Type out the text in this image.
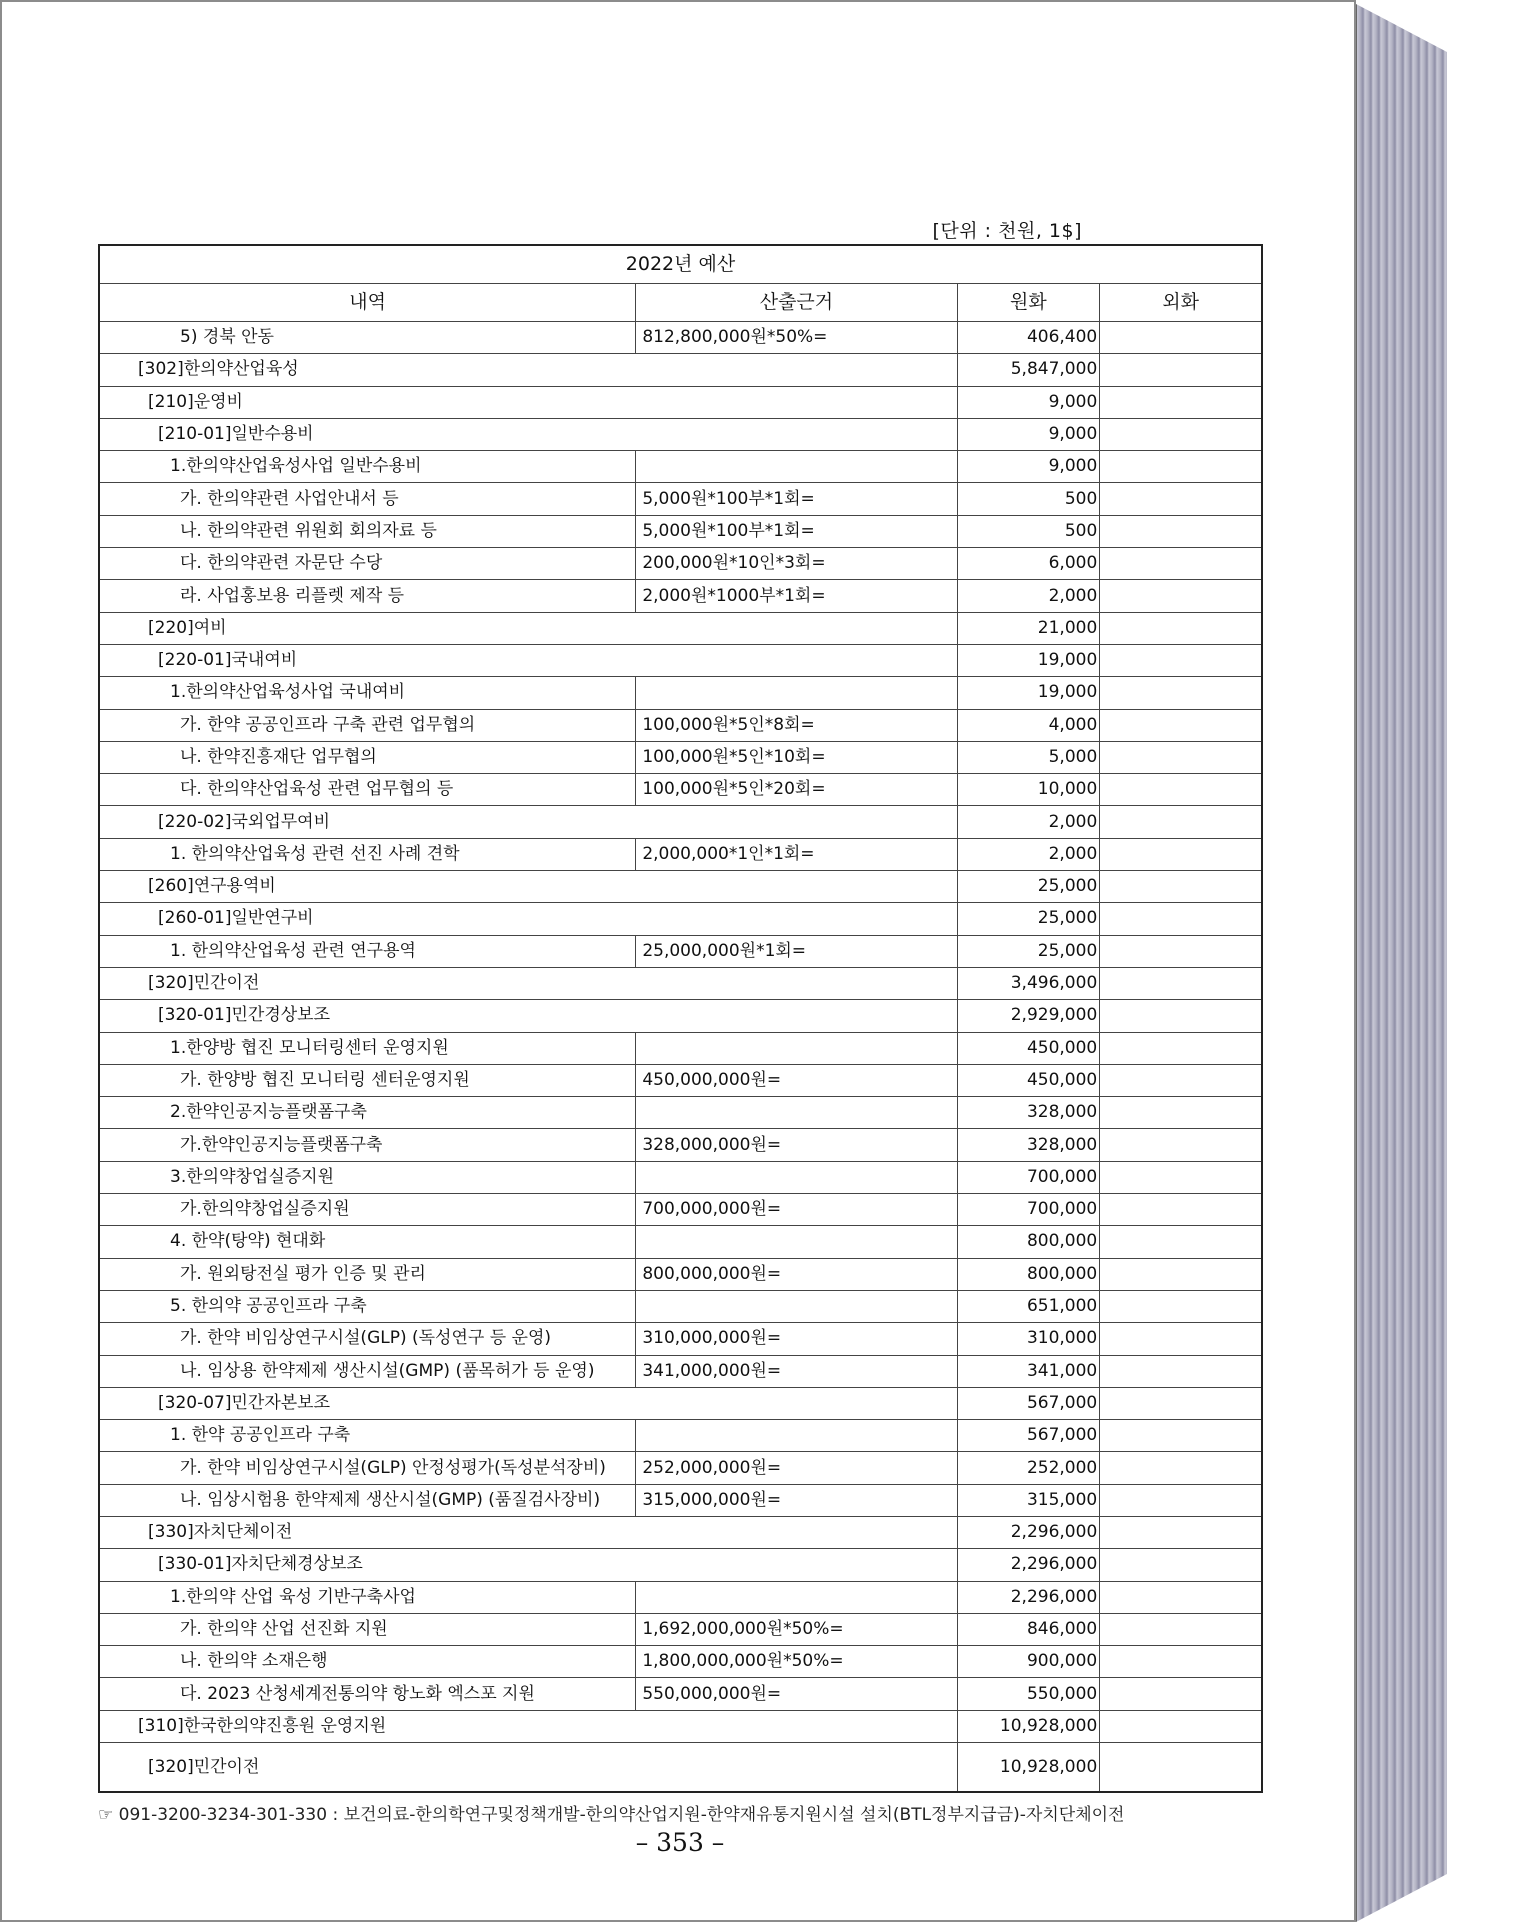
[단위 : 천원, 1$]
2022년 예산			
내역	산출근거	원화	외화
5) 경북 안동	812,800,000원*50%=	406,400	
[302]한의약산업육성		5,847,000	
[210]운영비		9,000	
[210-01]일반수용비		9,000	
1.한의약산업육성사업 일반수용비		9,000	
가. 한의약관련 사업안내서 등	5,000원*100부*1회=	500	
나. 한의약관련 위원회 회의자료 등	5,000원*100부*1회=	500	
다. 한의약관련 자문단 수당	200,000원*10인*3회=	6,000	
라. 사업홍보용 리플렛 제작 등	2,000원*1000부*1회=	2,000	
[220]여비		21,000	
[220-01]국내여비		19,000	
1.한의약산업육성사업 국내여비		19,000	
가. 한약 공공인프라 구축 관련 업무협의	100,000원*5인*8회=	4,000	
나. 한약진흥재단 업무협의	100,000원*5인*10회=	5,000	
다. 한의약산업육성 관련 업무협의 등	100,000원*5인*20회=	10,000	
[220-02]국외업무여비		2,000	
1. 한의약산업육성 관련 선진 사례 견학	2,000,000*1인*1회=	2,000	
[260]연구용역비		25,000	
[260-01]일반연구비		25,000	
1. 한의약산업육성 관련 연구용역	25,000,000원*1회=	25,000	
[320]민간이전		3,496,000	
[320-01]민간경상보조		2,929,000	
1.한양방 협진 모니터링센터 운영지원		450,000	
가. 한양방 협진 모니터링 센터운영지원	450,000,000원=	450,000	
2.한약인공지능플랫폼구축		328,000	
가.한약인공지능플랫폼구축	328,000,000원=	328,000	
3.한의약창업실증지원		700,000	
가.한의약창업실증지원	700,000,000원=	700,000	
4. 한약(탕약) 현대화		800,000	
가. 원외탕전실 평가 인증 및 관리	800,000,000원=	800,000	
5. 한의약 공공인프라 구축		651,000	
가. 한약 비임상연구시설(GLP) (독성연구 등 운영)	310,000,000원=	310,000	
나. 임상용 한약제제 생산시설(GMP) (품목허가 등 운영)	341,000,000원=	341,000	
[320-07]민간자본보조		567,000	
1. 한약 공공인프라 구축		567,000	
가. 한약 비임상연구시설(GLP) 안정성평가(독성분석장비)	252,000,000원=	252,000	
나. 임상시험용 한약제제 생산시설(GMP) (품질검사장비)	315,000,000원=	315,000	
[330]자치단체이전		2,296,000	
[330-01]자치단체경상보조		2,296,000	
1.한의약 산업 육성 기반구축사업		2,296,000	
가. 한의약 산업 선진화 지원	1,692,000,000원*50%=	846,000	
나. 한의약 소재은행	1,800,000,000원*50%=	900,000	
다. 2023 산청세계전통의약 항노화 엑스포 지원	550,000,000원=	550,000	
[310]한국한의약진흥원 운영지원		10,928,000	
[320]민간이전		10,928,000	
☞ 091-3200-3234-301-330 : 보건의료-한의학연구및정책개발-한의약산업지원-한약재유통지원시설 설치(BTL정부지급금)-자치단체이전
– 353 –
